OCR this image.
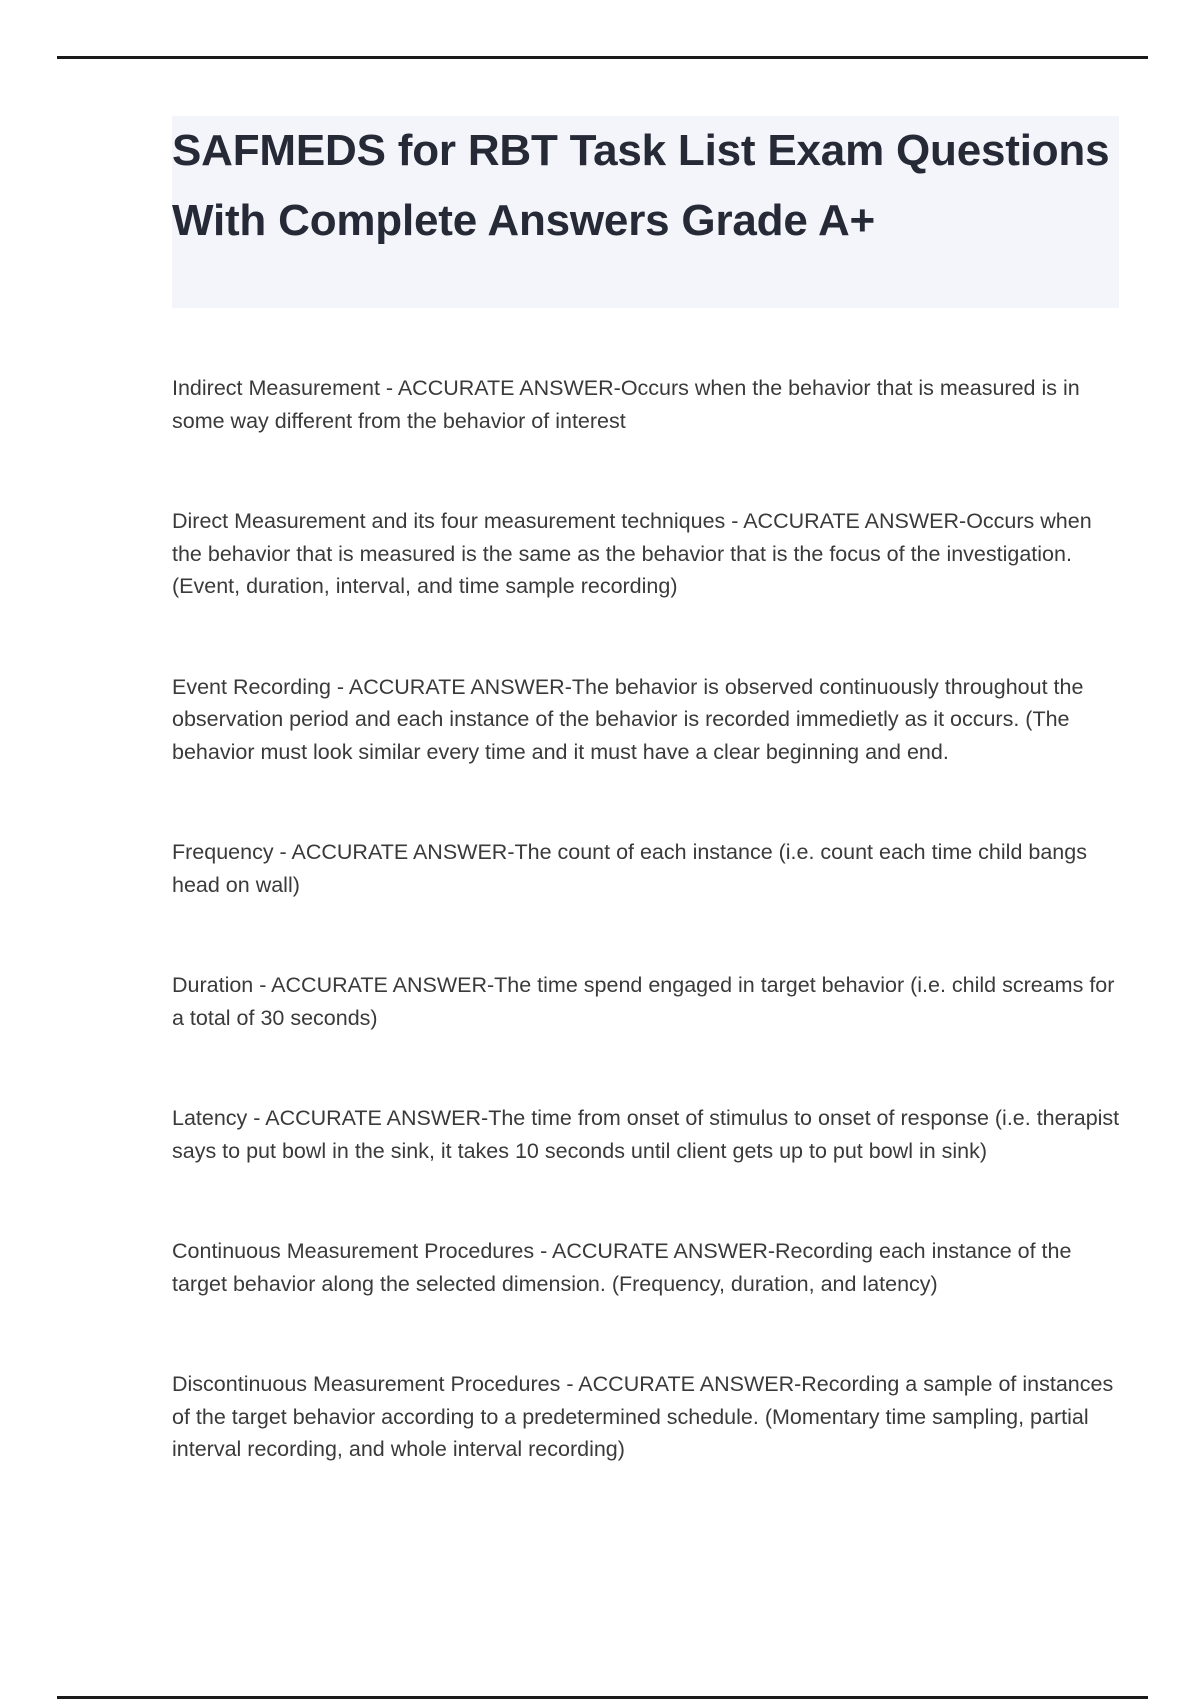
SAFMEDS for RBT Task List Exam Questions With Complete Answers Grade A+

Indirect Measurement - ACCURATE ANSWER-Occurs when the behavior that is measured is in some way different from the behavior of interest

Direct Measurement and its four measurement techniques - ACCURATE ANSWER-Occurs when the behavior that is measured is the same as the behavior that is the focus of the investigation. (Event, duration, interval, and time sample recording)

Event Recording - ACCURATE ANSWER-The behavior is observed continuously throughout the observation period and each instance of the behavior is recorded immedietly as it occurs. (The behavior must look similar every time and it must have a clear beginning and end.

Frequency - ACCURATE ANSWER-The count of each instance (i.e. count each time child bangs head on wall)

Duration - ACCURATE ANSWER-The time spend engaged in target behavior (i.e. child screams for a total of 30 seconds)

Latency - ACCURATE ANSWER-The time from onset of stimulus to onset of response (i.e. therapist says to put bowl in the sink, it takes 10 seconds until client gets up to put bowl in sink)

Continuous Measurement Procedures - ACCURATE ANSWER-Recording each instance of the target behavior along the selected dimension. (Frequency, duration, and latency)

Discontinuous Measurement Procedures - ACCURATE ANSWER-Recording a sample of instances of the target behavior according to a predetermined schedule. (Momentary time sampling, partial interval recording, and whole interval recording)
